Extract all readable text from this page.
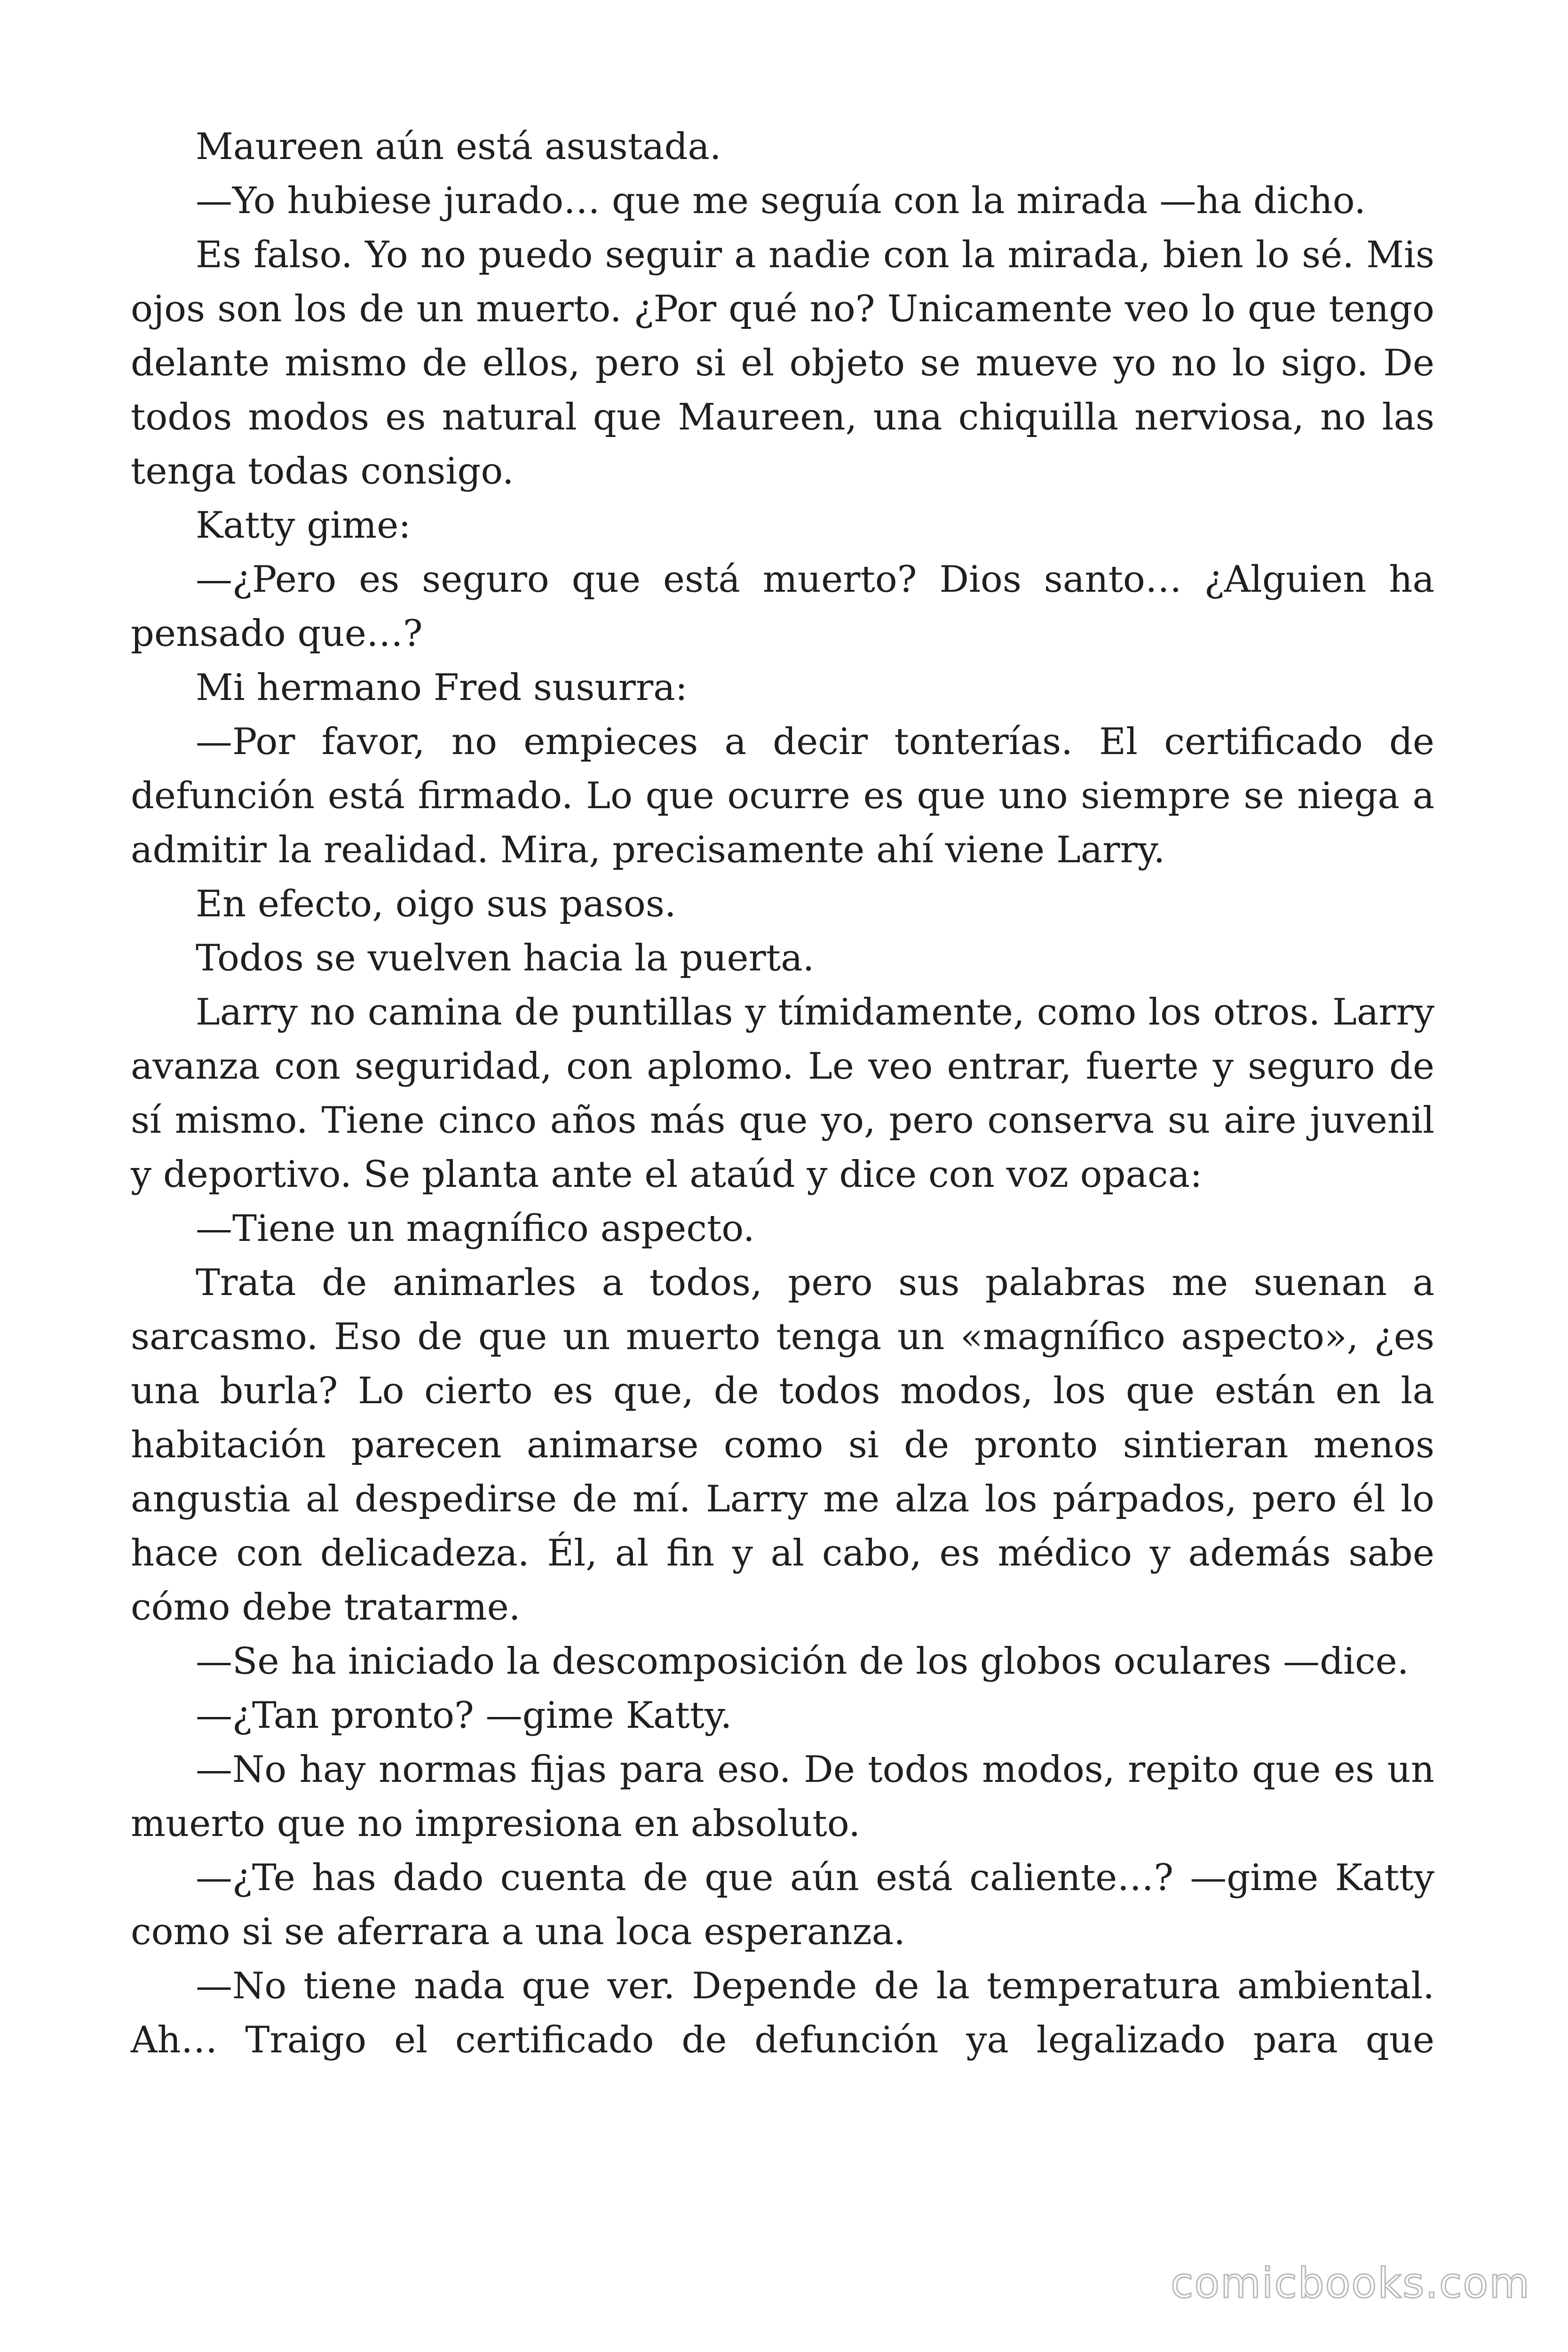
Maureen aún está asustada.

—Yo hubiese jurado… que me seguía con la mirada —ha dicho.

Es falso. Yo no puedo seguir a nadie con la mirada, bien lo sé. Mis ojos son los de un muerto. ¿Por qué no? Unicamente veo lo que tengo delante mismo de ellos, pero si el objeto se mueve yo no lo sigo. De todos modos es natural que Maureen, una chiquilla nerviosa, no las tenga todas consigo.

Katty gime:

—¿Pero es seguro que está muerto? Dios santo… ¿Alguien ha pensado que…?

Mi hermano Fred susurra:

—Por favor, no empieces a decir tonterías. El certificado de defunción está firmado. Lo que ocurre es que uno siempre se niega a admitir la realidad. Mira, precisamente ahí viene Larry.

En efecto, oigo sus pasos.

Todos se vuelven hacia la puerta.

Larry no camina de puntillas y tímidamente, como los otros. Larry avanza con seguridad, con aplomo. Le veo entrar, fuerte y seguro de sí mismo. Tiene cinco años más que yo, pero conserva su aire juvenil y deportivo. Se planta ante el ataúd y dice con voz opaca:

—Tiene un magnífico aspecto.

Trata de animarles a todos, pero sus palabras me suenan a sarcasmo. Eso de que un muerto tenga un «magnífico aspecto», ¿es una burla? Lo cierto es que, de todos modos, los que están en la habitación parecen animarse como si de pronto sintieran menos angustia al despedirse de mí. Larry me alza los párpados, pero él lo hace con delicadeza. Él, al fin y al cabo, es médico y además sabe cómo debe tratarme.

—Se ha iniciado la descomposición de los globos oculares —dice.

—¿Tan pronto? —gime Katty.

—No hay normas fijas para eso. De todos modos, repito que es un muerto que no impresiona en absoluto.

—¿Te has dado cuenta de que aún está caliente…? —gime Katty como si se aferrara a una loca esperanza.

—No tiene nada que ver. Depende de la temperatura ambiental. Ah… Traigo el certificado de defunción ya legalizado para que

comicbooks.com
